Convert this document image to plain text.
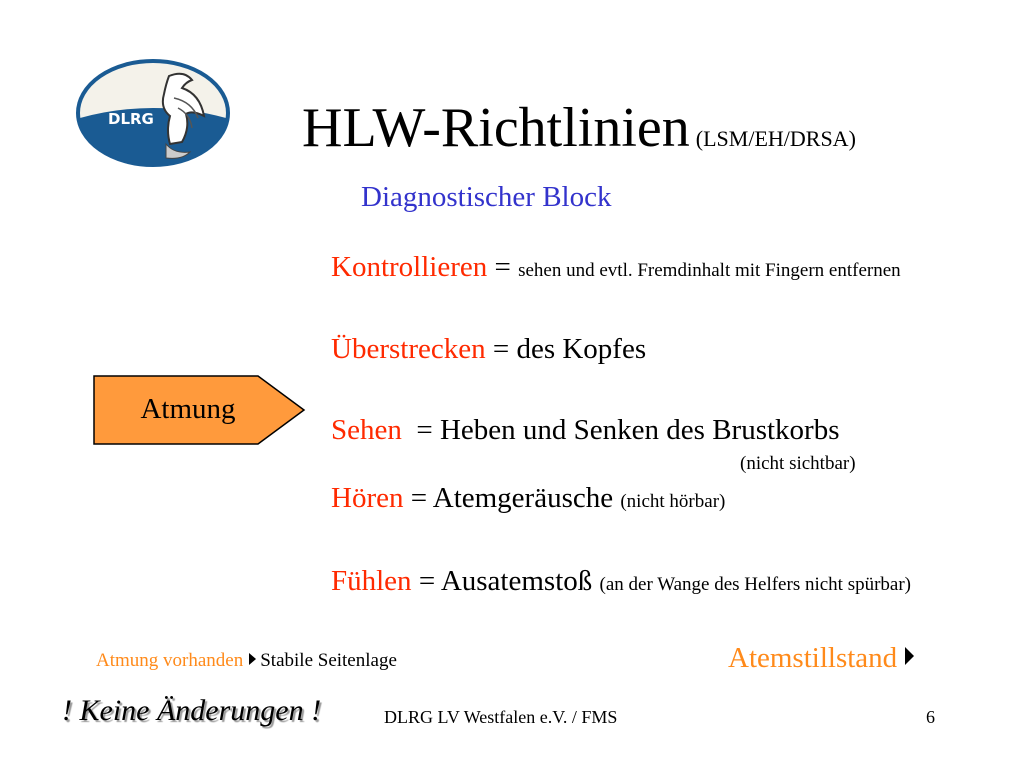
DLRG	HLW-Richtlinien (LSM/EH/DRSA)
Diagnostischer Block
Atmung
Kontrollieren = sehen und evtl. Fremdinhalt mit Fingern entfernen
Überstrecken = des Kopfes
Sehen  = Heben und Senken des Brustkorbs
(nicht sichtbar)
Hören = Atemgeräusche (nicht hörbar)
Fühlen = Ausatemstoß (an der Wange des Helfers nicht spürbar)
Atmung vorhanden Stabile Seitenlage	Atemstillstand
! Keine Änderungen !	DLRG LV Westfalen e.V. / FMS	6
